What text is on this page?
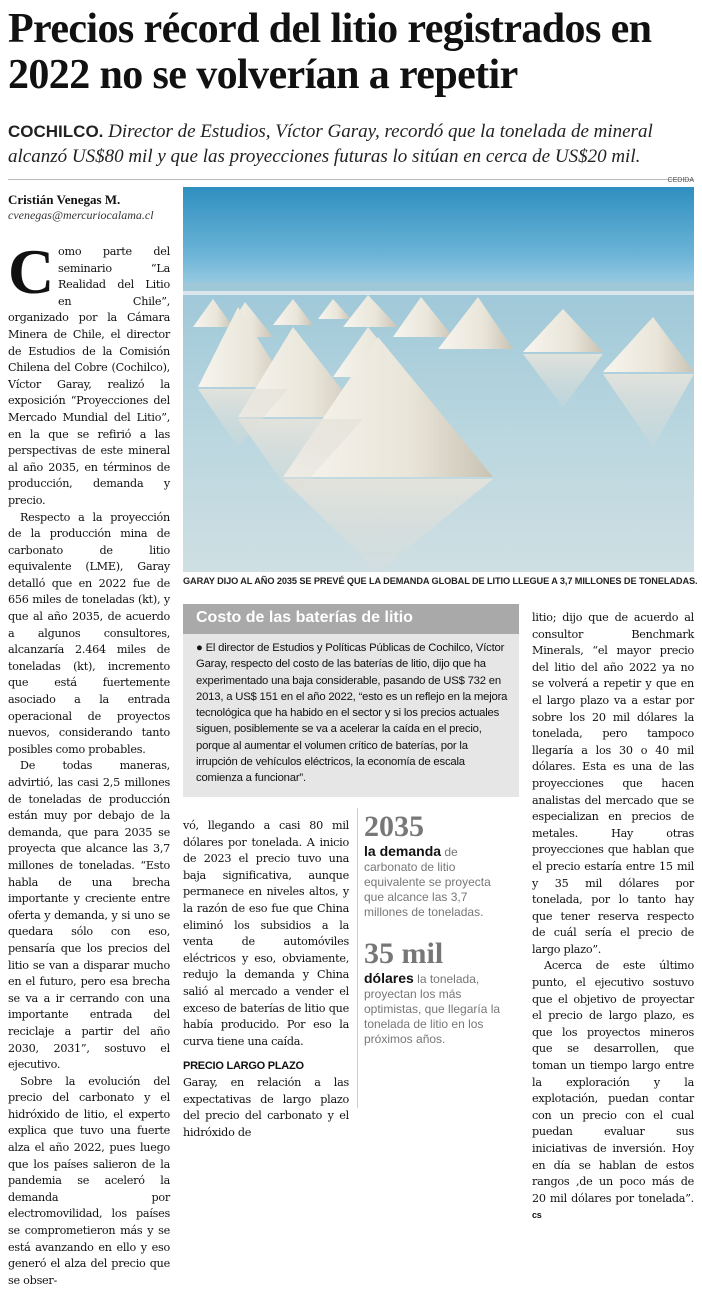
Precios récord del litio registrados en 2022 no se volverían a repetir
COCHILCO. Director de Estudios, Víctor Garay, recordó que la tonelada de mineral alcanzó US$80 mil y que las proyecciones futuras lo sitúan en cerca de US$20 mil.
Cristián Venegas M.
cvenegas@mercuriocalama.cl
CEDIDA
GARAY DIJO AL AÑO 2035 SE PREVÉ QUE LA DEMANDA GLOBAL DE LITIO LLEGUE A 3,7 MILLONES DE TONELADAS.
C omo parte del seminario “La Realidad del Litio en Chile”, organizado por la Cámara Minera de Chile, el director de Estudios de la Comisión Chilena del Cobre (Cochilco), Víctor Garay, realizó la exposición “Proyecciones del Mercado Mundial del Litio”, en la que se refirió a las perspectivas de este mineral al año 2035, en términos de producción, demanda y precio.

Respecto a la proyección de la producción mina de carbonato de litio equivalente (LME), Garay detalló que en 2022 fue de 656 miles de toneladas (kt), y que al año 2035, de acuerdo a algunos consultores, alcanzaría 2.464 miles de toneladas (kt), incremento que está fuertemente asociado a la entrada operacional de proyectos nuevos, considerando tanto posibles como probables.

De todas maneras, advirtió, las casi 2,5 millones de toneladas de producción están muy por debajo de la demanda, que para 2035 se proyecta que alcance las 3,7 millones de toneladas. “Esto habla de una brecha importante y creciente entre oferta y demanda, y si uno se quedara sólo con eso, pensaría que los precios del litio se van a disparar mucho en el futuro, pero esa brecha se va a ir cerrando con una importante entrada del reciclaje a partir del año 2030, 2031”, sostuvo el ejecutivo.

Sobre la evolución del precio del carbonato y el hidróxido de litio, el experto explica que tuvo una fuerte alza el año 2022, pues luego que los países salieron de la pandemia se aceleró la demanda por electromovilidad, los países se comprometieron más y se está avanzando en ello y eso generó el alza del precio que se obser-

Costo de las baterías de litio
● El director de Estudios y Políticas Públicas de Cochilco, Víctor Garay, respecto del costo de las baterías de litio, dijo que ha experimentado una baja considerable, pasando de US$ 732 en 2013, a US$ 151 en el año 2022, “esto es un reflejo en la mejora tecnológica que ha habido en el sector y si los precios actuales siguen, posiblemente se va a acelerar la caída en el precio, porque al aumentar el volumen crítico de baterías, por la irrupción de vehículos eléctricos, la economía de escala comienza a funcionar”.

vó, llegando a casi 80 mil dólares por tonelada. A inicio de 2023 el precio tuvo una baja significativa, aunque permanece en niveles altos, y la razón de eso fue que China eliminó los subsidios a la venta de automóviles eléctricos y eso, obviamente, redujo la demanda y China salió al mercado a vender el exceso de baterías de litio que había producido. Por eso la curva tiene una caída.

PRECIO LARGO PLAZO

Garay, en relación a las expectativas de largo plazo del precio del carbonato y el hidróxido de

2035
la demanda de carbonato de litio equivalente se proyecta que alcance las 3,7 millones de toneladas.
35 mil
dólares la tonelada, proyectan los más optimistas, que llegaría la tonelada de litio en los próximos años.

litio; dijo que de acuerdo al consultor Benchmark Minerals, “el mayor precio del litio del año 2022 ya no se volverá a repetir y que en el largo plazo va a estar por sobre los 20 mil dólares la tonelada, pero tampoco llegaría a los 30 o 40 mil dólares. Esta es una de las proyecciones que hacen analistas del mercado que se especializan en precios de metales. Hay otras proyecciones que hablan que el precio estaría entre 15 mil y 35 mil dólares por tonelada, por lo tanto hay que tener reserva respecto de cuál sería el precio de largo plazo”.

Acerca de este último punto, el ejecutivo sostuvo que el objetivo de proyectar el precio de largo plazo, es que los proyectos mineros que se desarrollen, que toman un tiempo largo entre la exploración y la explotación, puedan contar con un precio con el cual puedan evaluar sus iniciativas de inversión. Hoy en día se hablan de estos rangos ‚de un poco más de 20 mil dólares por tonelada”. cs
